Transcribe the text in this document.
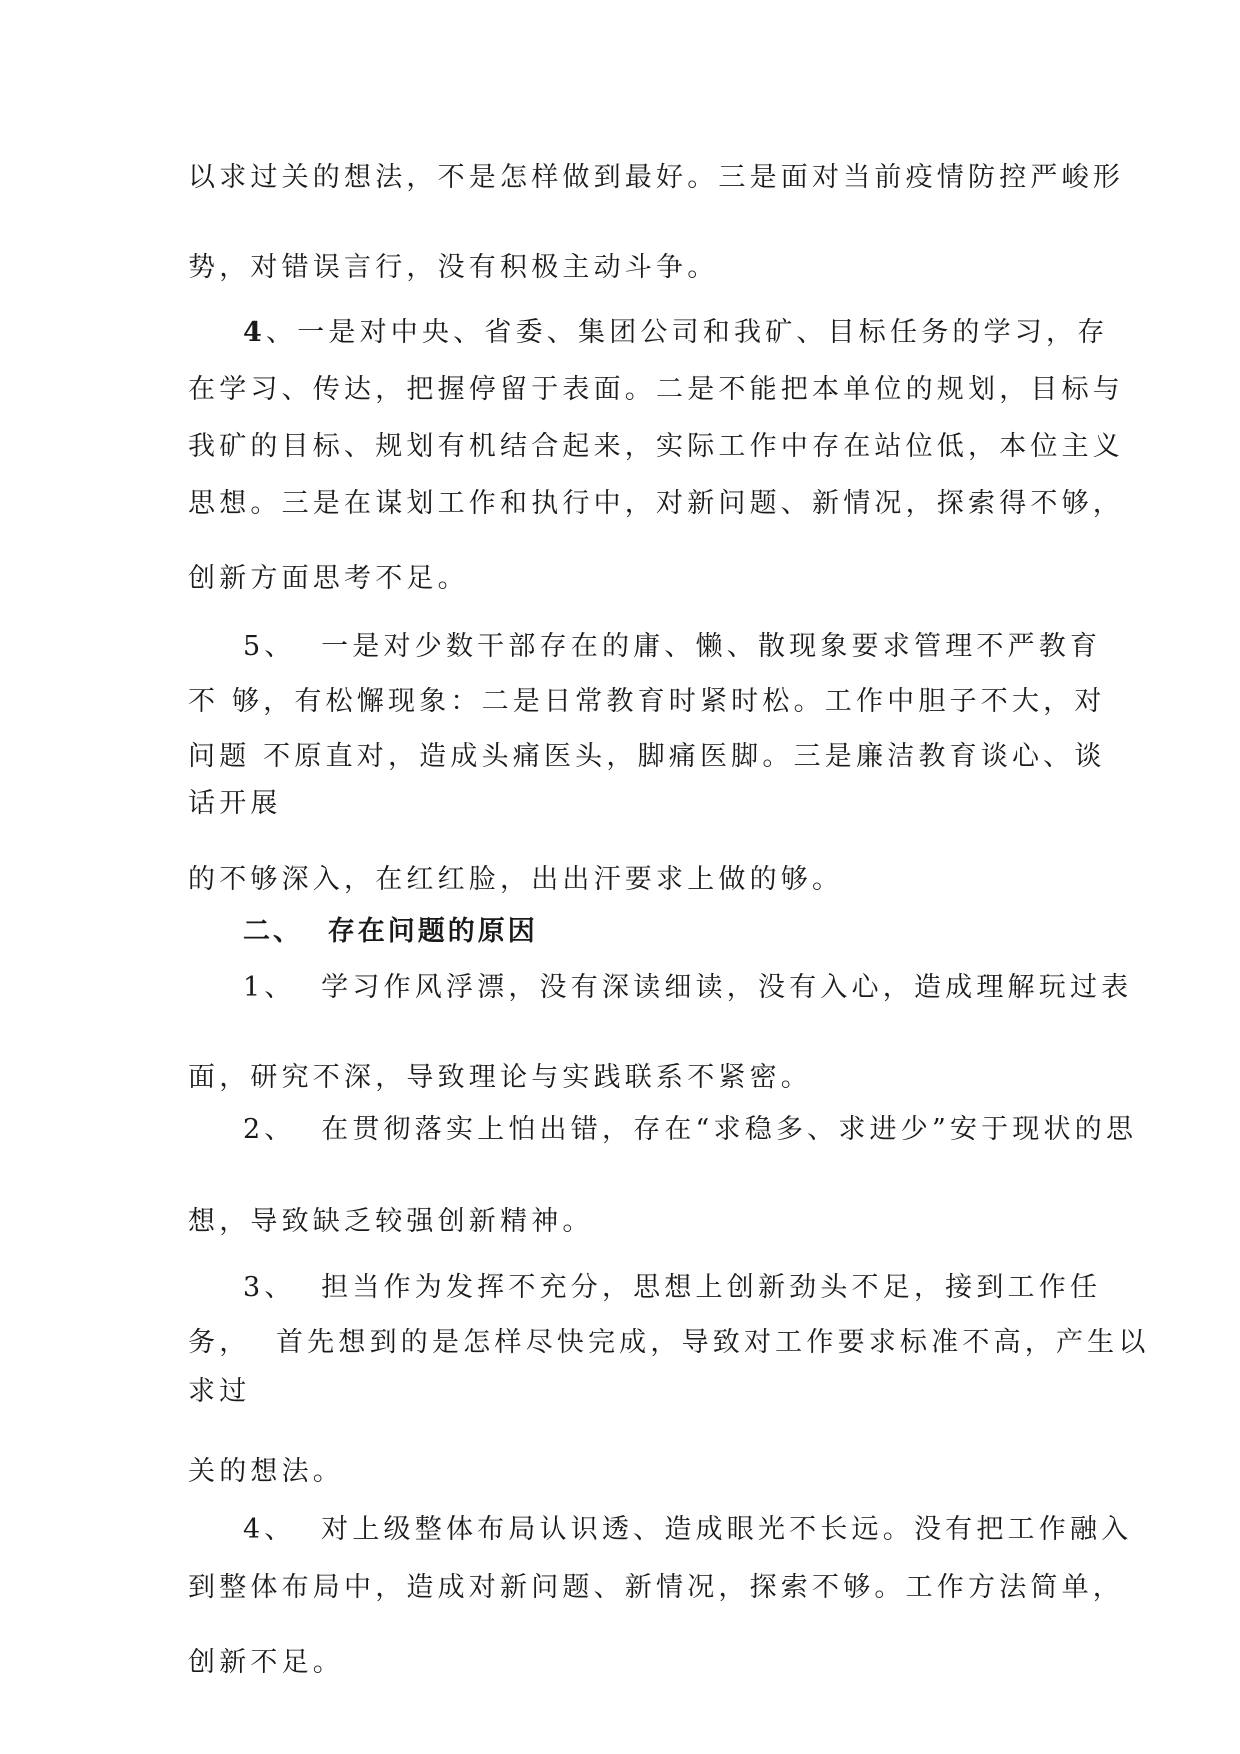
以求过关的想法，不是怎样做到最好。三是面对当前疫情防控严峻形
势，对错误言行，没有积极主动斗争。
4、一是对中央、省委、集团公司和我矿、目标任务的学习，存
在学习、传达，把握停留于表面。二是不能把本单位的规划，目标与
我矿的目标、规划有机结合起来，实际工作中存在站位低，本位主义
思想。三是在谋划工作和执行中，对新问题、新情况，探索得不够，
创新方面思考不足。
5、  一是对少数干部存在的庸、懒、散现象要求管理不严教育
不 够，有松懈现象：二是日常教育时紧时松。工作中胆子不大，对
问题 不原直对，造成头痛医头，脚痛医脚。三是廉洁教育谈心、谈
话开展
的不够深入，在红红脸，出出汗要求上做的够。
二、  存在问题的原因
1、  学习作风浮漂，没有深读细读，没有入心，造成理解玩过表
面，研究不深，导致理论与实践联系不紧密。
2、  在贯彻落实上怕出错，存在“求稳多、求进少”安于现状的思
想，导致缺乏较强创新精神。
3、  担当作为发挥不充分，思想上创新劲头不足，接到工作任
务，  首先想到的是怎样尽快完成，导致对工作要求标准不高，产生以
求过
关的想法。
4、  对上级整体布局认识透、造成眼光不长远。没有把工作融入
到整体布局中，造成对新问题、新情况，探索不够。工作方法简单，
创新不足。
